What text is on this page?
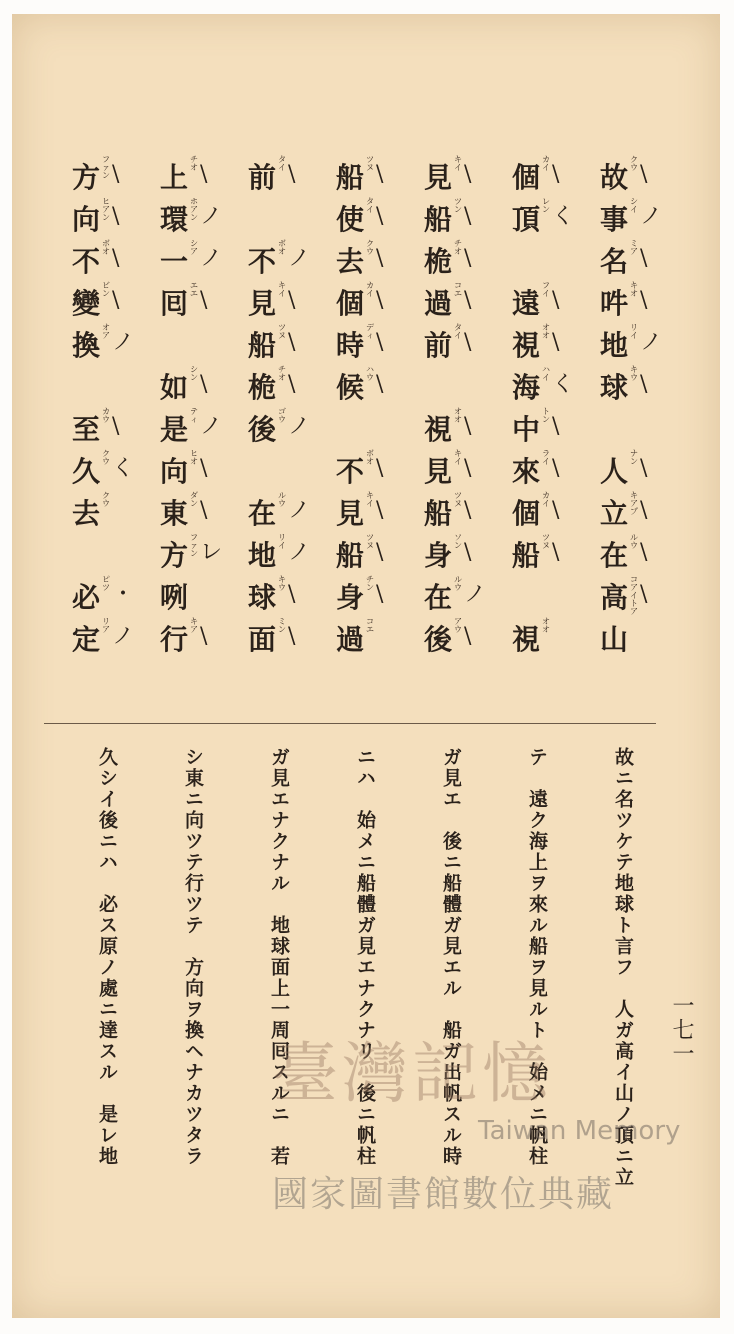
故
クウ \
事
シイ ノ
名
ミア \
吽
キオ \
地
リイ ノ
球
キウ \
人
ナン \
立
キアプ \
在
ルウ \
高
コアイトア
\
山
個
カイ \
頂
レン く
遠
フイ \
視
オオ \
海
ハイ く
中
トン \
來
ライ \
個
カイ \
船
ツヌ \
視
オオ
見
キイ \
船
ツン \
桅
チオ \
過
コエ \
前
タイ \
視
オオ \
見
キイ \
船
ツヌ \
身
ソン \
在
ルウ ノ
後
アウ \
船
ツヌ \
使
タイ \
去
クウ \
個
カイ \
時
ディ \
候
ハウ \
不
ボオ \
見
キイ \
船
ツヌ \
身
チン \
過
コエ
前
タイ \
不
ボオ ノ
見
キイ \
船
ツヌ \
桅
チオ \
後
ゴウ ノ
在
ルウ ノ
地
リイ ノ
球
キウ \
面
ミン \
上
チオ \
環
ホアン ノ
一
シア ノ
囘
エエ \
如
シン \
是
ティ ノ
向
ヒオ \
東
ダン \
方
ファン レ
咧
行
キア \
方
ファン \
向
ヒアン \
不
ボオ \
變
ビン \
換
オア ノ
至
カウ \
久
クウ く
去
クウ
必
ピツ ・
定
リア ノ
故ニ名ツケテ地球ト言フ　人ガ高イ山ノ頂ニ立
テ　遠ク海上ヲ來ル船ヲ見ルト　始メニ帆柱
ガ見エ　後ニ船體ガ見エル　船ガ出帆スル時
ニハ　始メニ船體ガ見エナクナリ　後ニ帆柱
ガ見エナクナル　地球面上一周囘スルニ　若
シ東ニ向ツテ行ツテ　方向ヲ換ヘナカツタラ
久シイ後ニハ　必ス原ノ處ニ達スル　是レ地	一七一
臺灣記憶
Taiwan Memory
國家圖書館數位典藏
